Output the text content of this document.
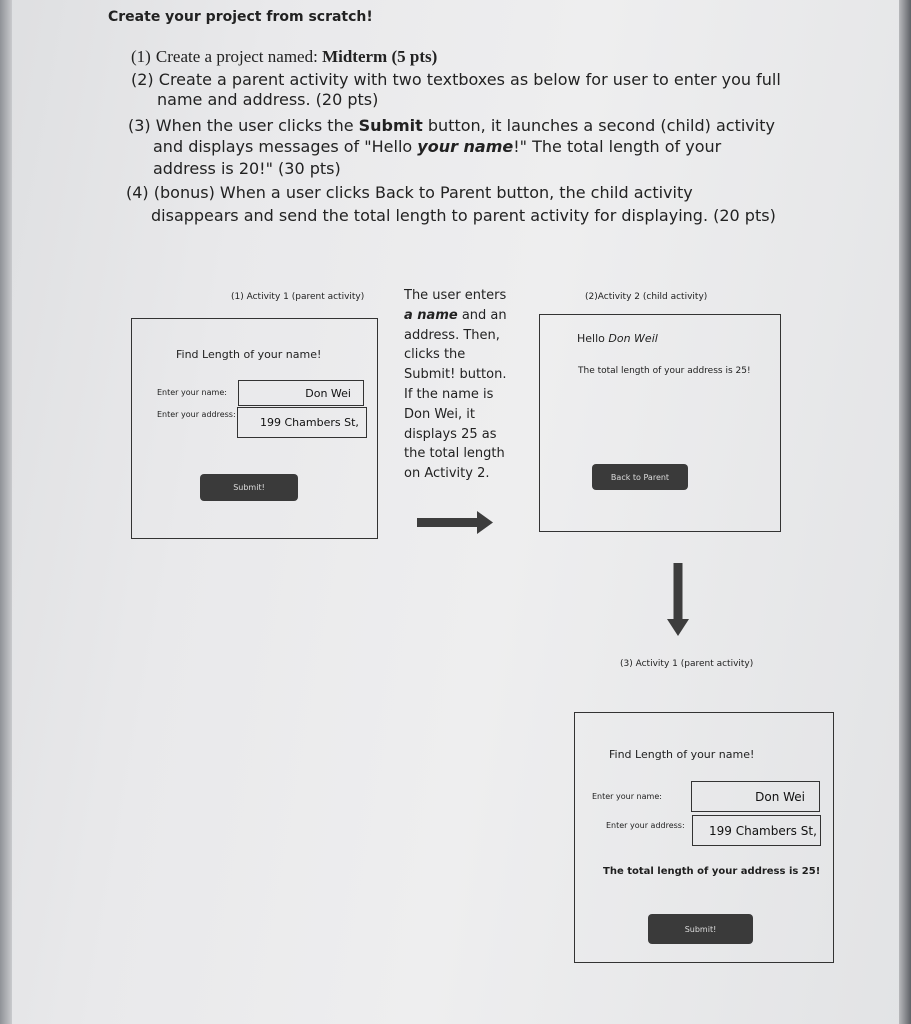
Create your project from scratch!
(1) Create a project named: Midterm (5 pts)
(2) Create a parent activity with two textboxes as below for user to enter you full
name and address. (20 pts)
(3) When the user clicks the Submit button, it launches a second (child) activity
and displays messages of "Hello your name!" The total length of your
address is 20!" (30 pts)
(4) (bonus) When a user clicks Back to Parent button, the child activity
disappears and send the total length to parent activity for displaying. (20 pts)
(1) Activity 1 (parent activity)
Find Length of your name!
Enter your name:	Don Wei
Enter your address:
199 Chambers St,
Submit!
The user enters
a name and an
address. Then,
clicks the
Submit! button.
If the name is
Don Wei, it
displays 25 as
the total length
on Activity 2.
(2)Activity 2 (child activity)
Hello Don Weil
The total length of your address is 25!
Back to Parent
(3) Activity 1 (parent activity)
Find Length of your name!
Enter your name:	Don Wei
Enter your address: 199 Chambers St,
The total length of your address is 25!
Submit!
